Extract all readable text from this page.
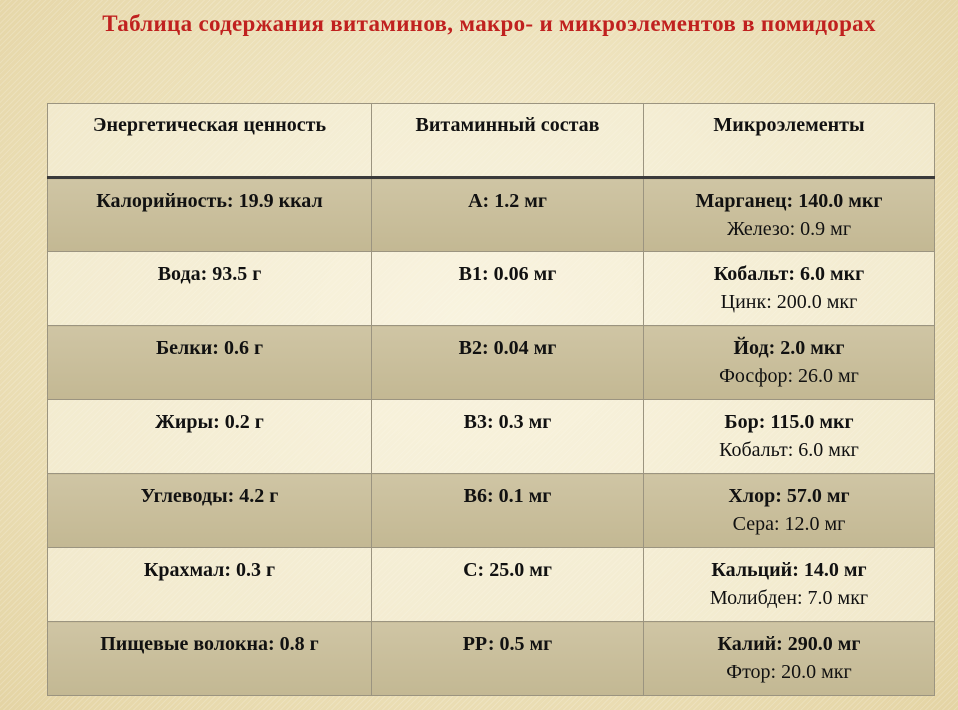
Таблица содержания витаминов, макро- и микроэлементов в помидорах
Энергетическая ценность	Витаминный состав	Микроэлементы

Калорийность: 19.9 ккал	А: 1.2 мг	Марганец: 140.0 мкг
Железо: 0.9 мг

Вода: 93.5 г	В1: 0.06 мг	Кобальт: 6.0 мкг
Цинк: 200.0 мкг

Белки: 0.6 г	В2: 0.04 мг	Йод: 2.0 мкг
Фосфор: 26.0 мг

Жиры: 0.2 г	В3: 0.3 мг	Бор: 115.0 мкг
Кобальт: 6.0 мкг

Углеводы: 4.2 г	В6: 0.1 мг	Хлор: 57.0 мг
Сера: 12.0 мг

Крахмал: 0.3 г	С: 25.0 мг	Кальций: 14.0 мг
Молибден: 7.0 мкг

Пищевые волокна: 0.8 г	РР: 0.5 мг	Калий: 290.0 мг
Фтор: 20.0 мкг
